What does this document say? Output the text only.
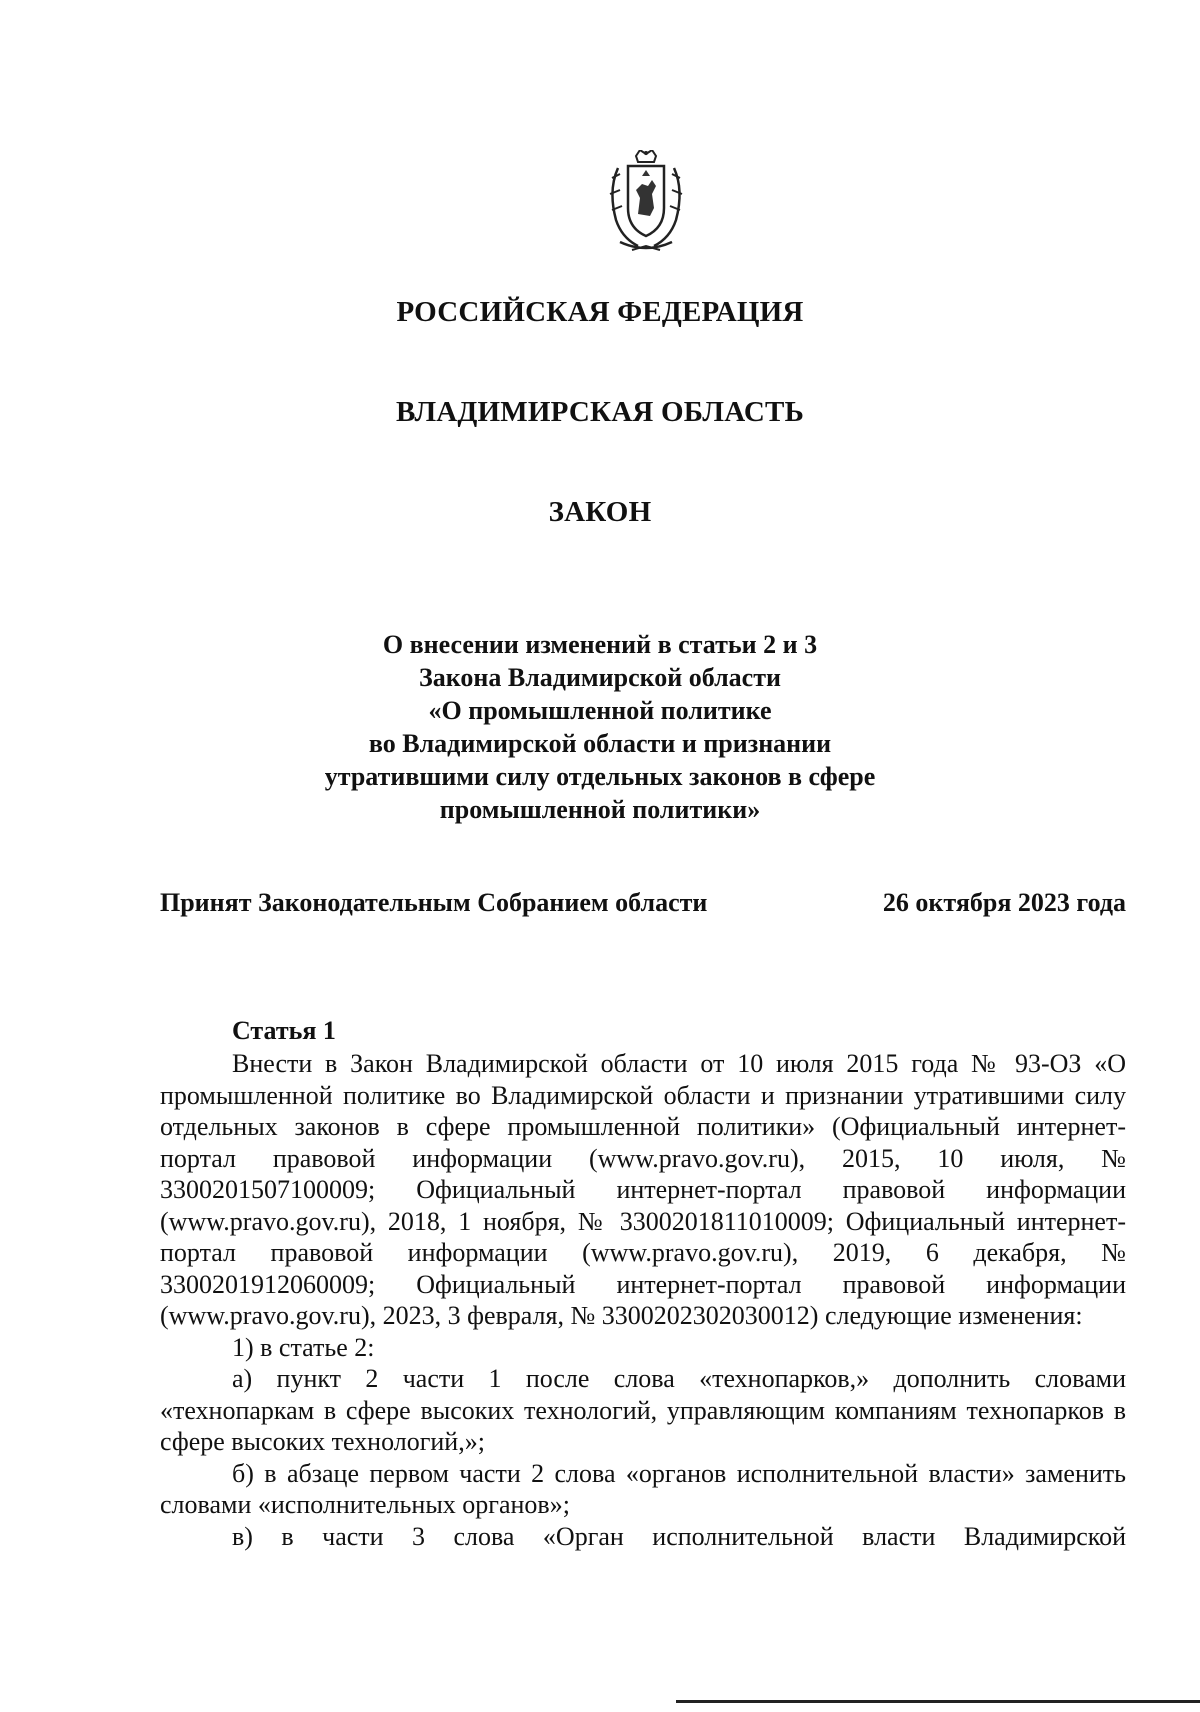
РОССИЙСКАЯ ФЕДЕРАЦИЯ
ВЛАДИМИРСКАЯ ОБЛАСТЬ
ЗАКОН
О внесении изменений в статьи 2 и 3
Закона Владимирской области
«О промышленной политике
во Владимирской области и признании
утратившими силу отдельных законов в сфере
промышленной политики»
Принят Законодательным Собранием области	26 октября 2023 года
Статья 1

Внести в Закон Владимирской области от 10 июля 2015 года № 93-ОЗ «О промышленной политике во Владимирской области и признании утратившими силу отдельных законов в сфере промышленной политики» (Официальный интернет-портал правовой информации (www.pravo.gov.ru), 2015, 10 июля, № 3300201507100009; Официальный интернет-портал правовой информации (www.pravo.gov.ru), 2018, 1 ноября, № 3300201811010009; Официальный интернет-портал правовой информации (www.pravo.gov.ru), 2019, 6 декабря, № 3300201912060009; Официальный интернет-портал правовой информации (www.pravo.gov.ru), 2023, 3 февраля, № 3300202302030012) следующие изменения:

1) в статье 2:

а) пункт 2 части 1 после слова «технопарков,» дополнить словами «технопаркам в сфере высоких технологий, управляющим компаниям технопарков в сфере высоких технологий,»;

б) в абзаце первом части 2 слова «органов исполнительной власти» заменить словами «исполнительных органов»;

в) в части 3 слова «Орган исполнительной власти Владимирской
